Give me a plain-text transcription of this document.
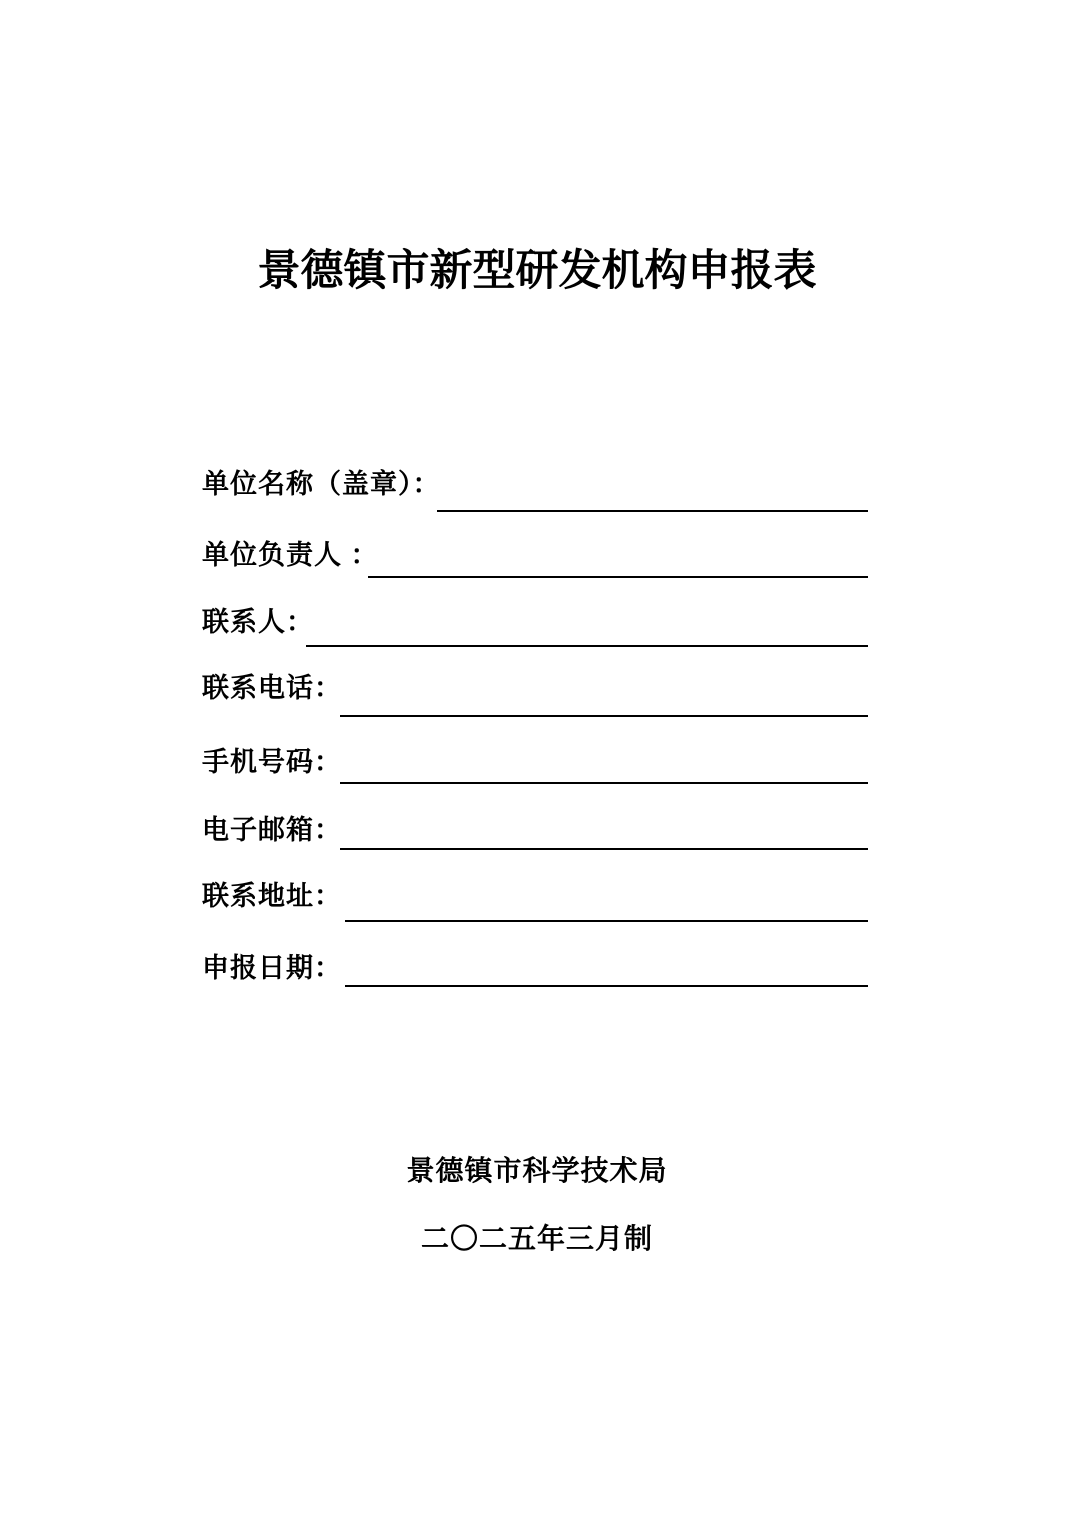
景德镇市新型研发机构申报表
单位名称（盖章）：
单位负责人 ：
联系人：
联系电话：
手机号码：
电子邮箱：
联系地址：
申报日期：
景德镇市科学技术局
二〇二五年三月制
